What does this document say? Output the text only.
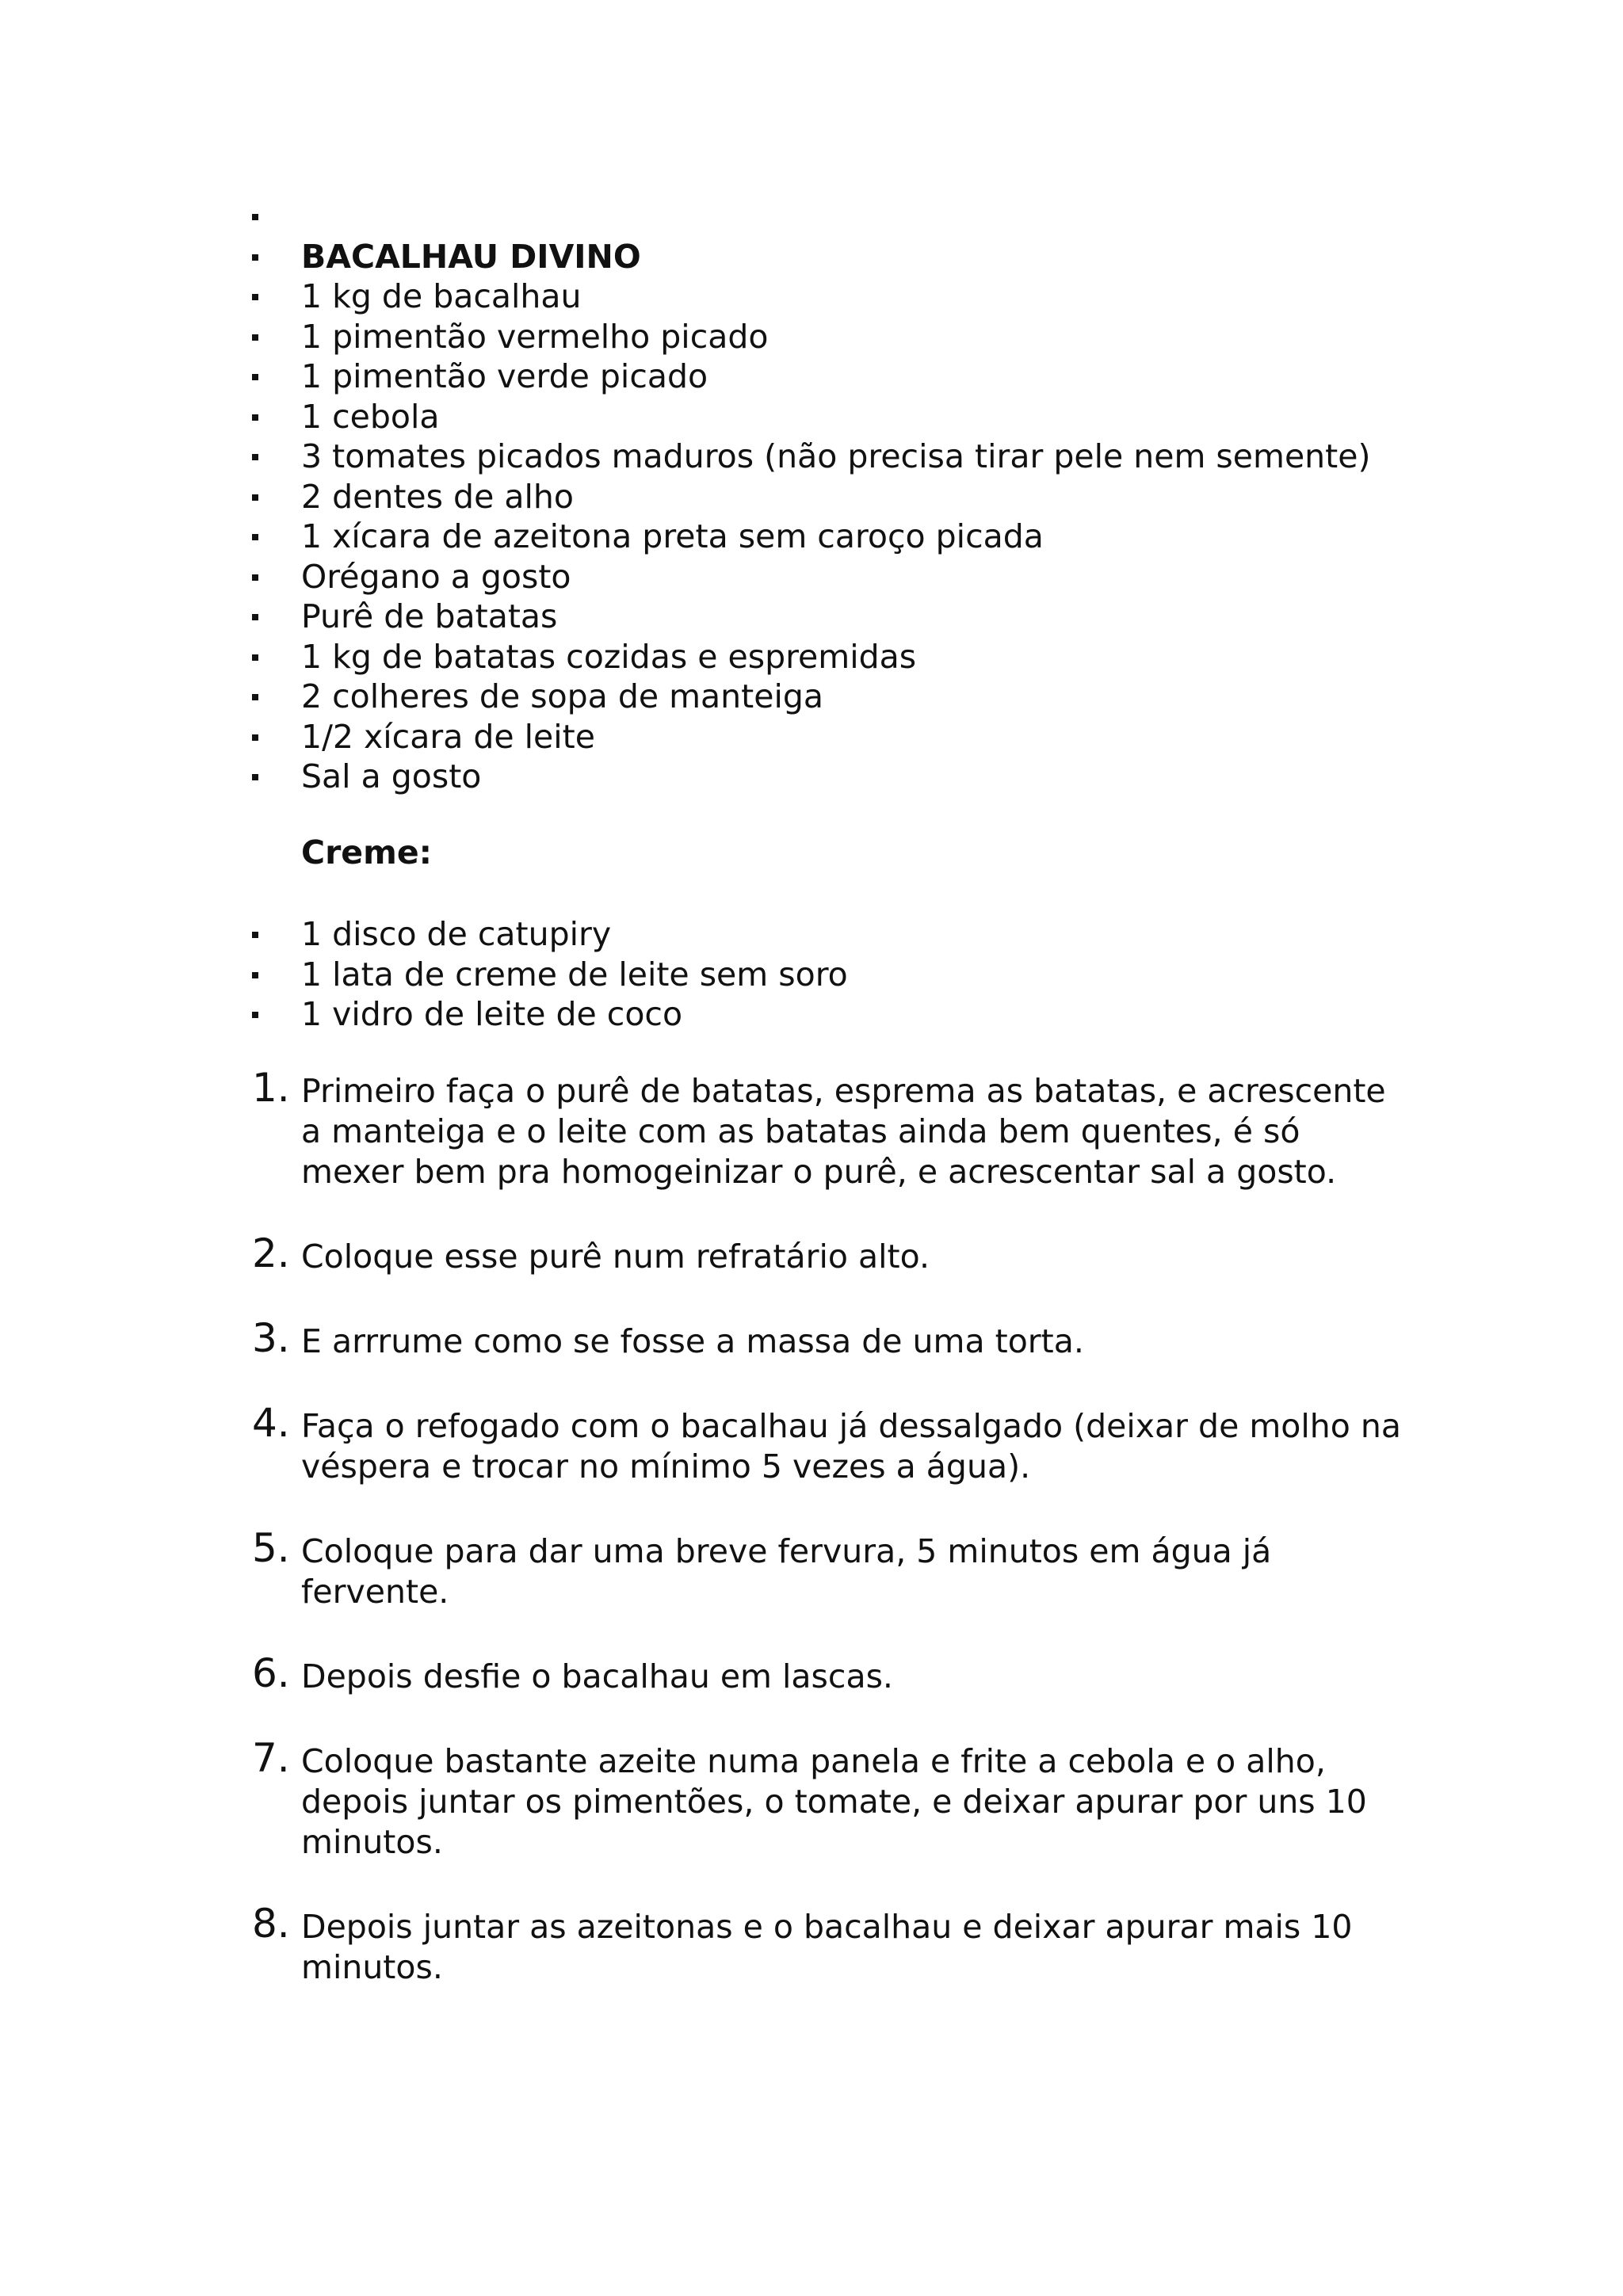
BACALHAU DIVINO
1 kg de bacalhau
1 pimentão vermelho picado
1 pimentão verde picado
1 cebola
3 tomates picados maduros (não precisa tirar pele nem semente)
2 dentes de alho
1 xícara de azeitona preta sem caroço picada
Orégano a gosto
Purê de batatas
1 kg de batatas cozidas e espremidas
2 colheres de sopa de manteiga
1/2 xícara de leite
Sal a gosto
Creme:
1 disco de catupiry
1 lata de creme de leite sem soro
1 vidro de leite de coco

1. Primeiro faça o purê de batatas, esprema as batatas, e acrescente a manteiga e o leite com as batatas ainda bem quentes, é só mexer bem pra homogeinizar o purê, e acrescentar sal a gosto.

2. Coloque esse purê num refratário alto.

3. E arrrume como se fosse a massa de uma torta.

4. Faça o refogado com o bacalhau já dessalgado (deixar de molho na véspera e trocar no mínimo 5 vezes a água).

5. Coloque para dar uma breve fervura, 5 minutos em água já fervente.

6. Depois desfie o bacalhau em lascas.

7. Coloque bastante azeite numa panela e frite a cebola e o alho, depois juntar os pimentões, o tomate, e deixar apurar por uns 10 minutos.

8. Depois juntar as azeitonas e o bacalhau e deixar apurar mais 10 minutos.
